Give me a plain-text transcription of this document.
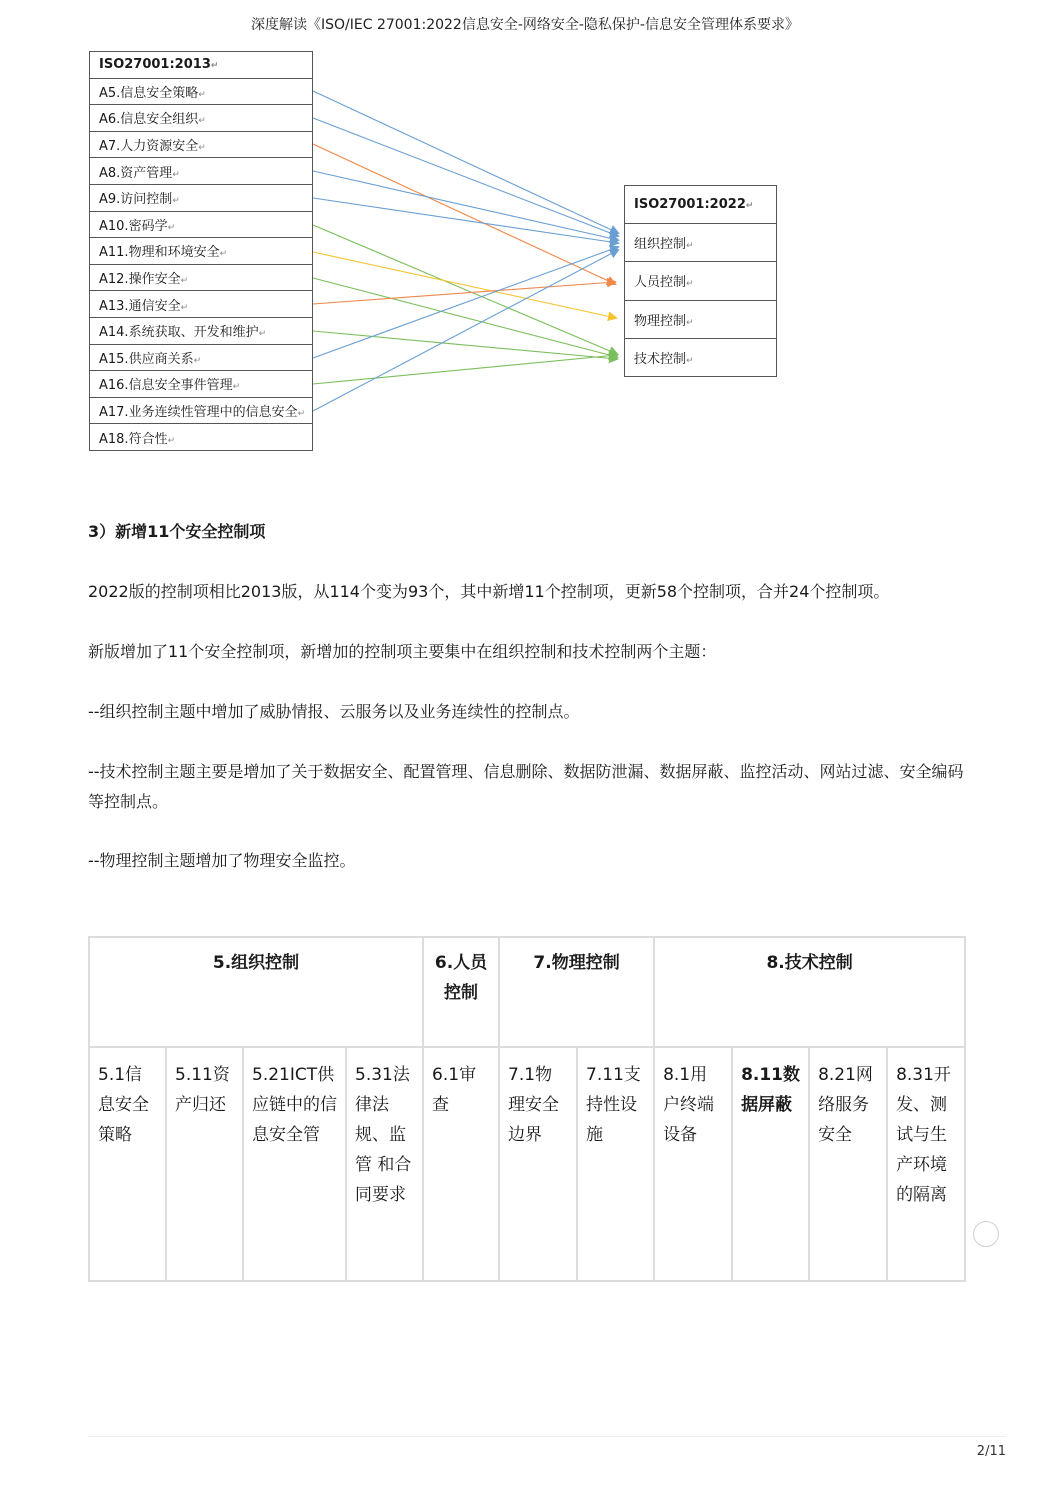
深度解读《ISO/IEC 27001:2022信息安全-网络安全-隐私保护-信息安全管理体系要求》
ISO27001:2013↵
A5.信息安全策略↵
A6.信息安全组织↵
A7.人力资源安全↵
A8.资产管理↵
A9.访问控制↵
A10.密码学↵
A11.物理和环境安全↵
A12.操作安全↵
A13.通信安全↵
A14.系统获取、开发和维护↵
A15.供应商关系↵
A16.信息安全事件管理↵
A17.业务连续性管理中的信息安全↵
A18.符合性↵
ISO27001:2022↵
组织控制↵
人员控制↵
物理控制↵
技术控制↵
3）新增11个安全控制项
2022版的控制项相比2013版，从114个变为93个，其中新增11个控制项，更新58个控制项，合并24个控制项。
新版增加了11个安全控制项，新增加的控制项主要集中在组织控制和技术控制两个主题：
--组织控制主题中增加了威胁情报、云服务以及业务连续性的控制点。
--技术控制主题主要是增加了关于数据安全、配置管理、信息删除、数据防泄漏、数据屏蔽、监控活动、网站过滤、安全编码等控制点。
--物理控制主题增加了物理安全监控。
5.组织控制				6.人员控制	7.物理控制		8.技术控制			
5.1信息安全策略	5.11资产归还	5.21ICT供应链中的信息安全管	5.31法律法规、监管 和合同要求	6.1审查	7.1物理安全边界	7.11支持性设施	8.1用户终端设备	8.11数据屏蔽	8.21网络服务安全	8.31开发、测试与生产环境的隔离
2/11
